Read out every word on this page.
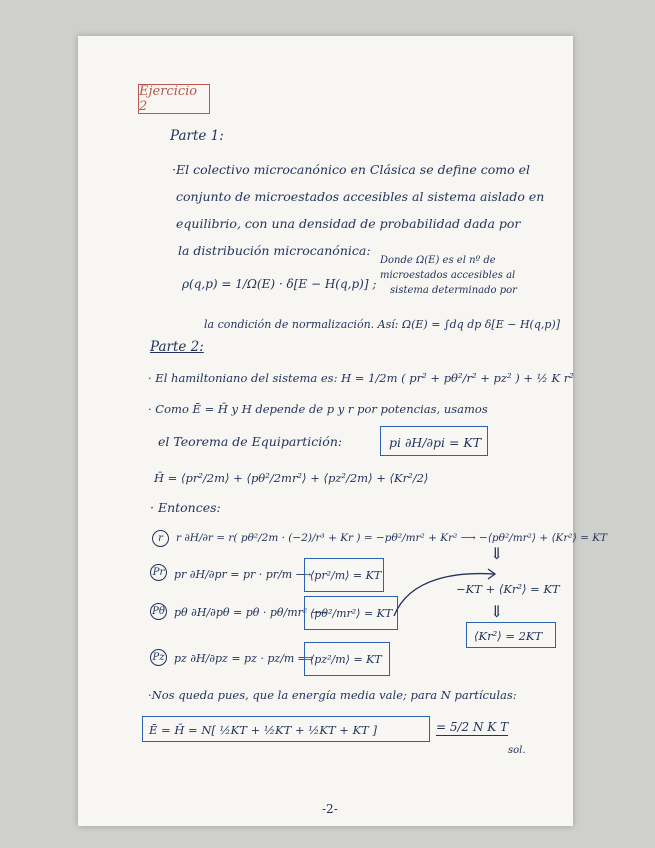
Ejercicio 2
Parte 1:
·El colectivo microcanónico en Clásica se define como el
conjunto de microestados accesibles al sistema aislado en
equilibrio, con una densidad de probabilidad dada por
la distribución microcanónica:
ρ(q,p) = 1/Ω(E) · δ[E − H(q,p)] ;
Donde Ω(E) es el nº de
microestados accesibles al
sistema determinado por
la condición de normalización. Así: Ω(E) = ∫dq dp δ[E − H(q,p)]
Parte 2:
· El hamiltoniano del sistema es: H = 1/2m ( pr² + pθ²/r² + pz² ) + ½ K r²
· Como Ē = H̄ y H depende de p y r por potencias, usamos
el Teorema de Equipartición:	pi ∂H/∂pi = KT
H̄ = ⟨pr²/2m⟩ + ⟨pθ²/2mr²⟩ + ⟨pz²/2m⟩ + ⟨Kr²/2⟩
· Entonces:
r r ∂H/∂r = r( pθ²/2m · (−2)/r³ + Kr ) = −pθ²/mr² + Kr² ⟶ −⟨pθ²/mr²⟩ + ⟨Kr²⟩ = KT
Pr pr ∂H/∂pr = pr · pr/m ⟶
⟨pr²/m⟩ = KT
Pθ pθ ∂H/∂pθ = pθ · pθ/mr² ⟶
⟨pθ²/mr²⟩ = KT
Pz pz ∂H/∂pz = pz · pz/m ⟹
⟨pz²/m⟩ = KT
⇓
−KT + ⟨Kr²⟩ = KT
⇓
⟨Kr²⟩ = 2KT
·Nos queda pues, que la energía media vale; para N partículas:
Ē = H̄ = N[ ½KT + ½KT + ½KT + KT ]	= 5/2 N K T
sol.
-2-
